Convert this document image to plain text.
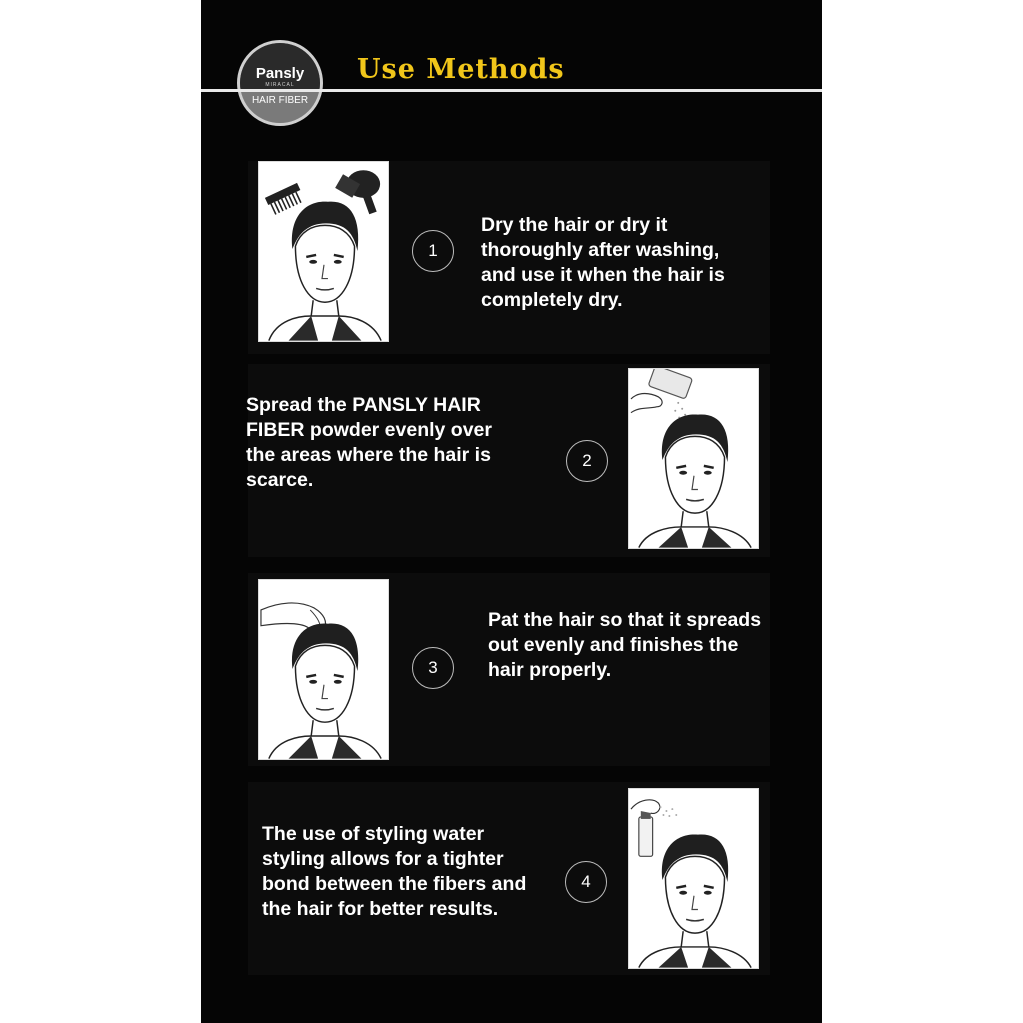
Pansly
MIRACAL
HAIR FIBER
Use Methods
1
Dry the hair or dry it
thoroughly after washing,
and use it when the hair is
completely dry.
Spread the PANSLY HAIR
FIBER powder evenly over
the areas where the hair is
scarce.
2
3
Pat the hair so that it spreads
out evenly and finishes the
hair properly.
The use of styling water
styling allows for a tighter
bond between the fibers and
the hair for better results.
4
